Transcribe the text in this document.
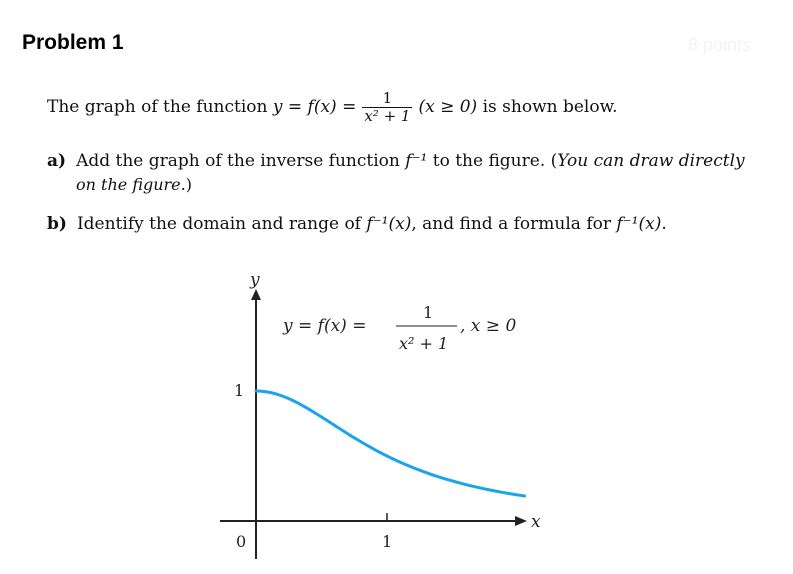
Problem 1	8 points
The graph of the function
$y = f(x) = \frac{1}{\text{x² + 1}} (x \ge 0)$
is shown below.
a) Add the graph of the inverse function
f⁻¹
to the figure. ( You can draw directly
on the figure. )
b) Identify the domain and range of
f⁻¹(x) , and find a formula for
f⁻¹(x) .
y
x
0	1
1
y = f(x) =
1
x² + 1
, x ≥ 0
